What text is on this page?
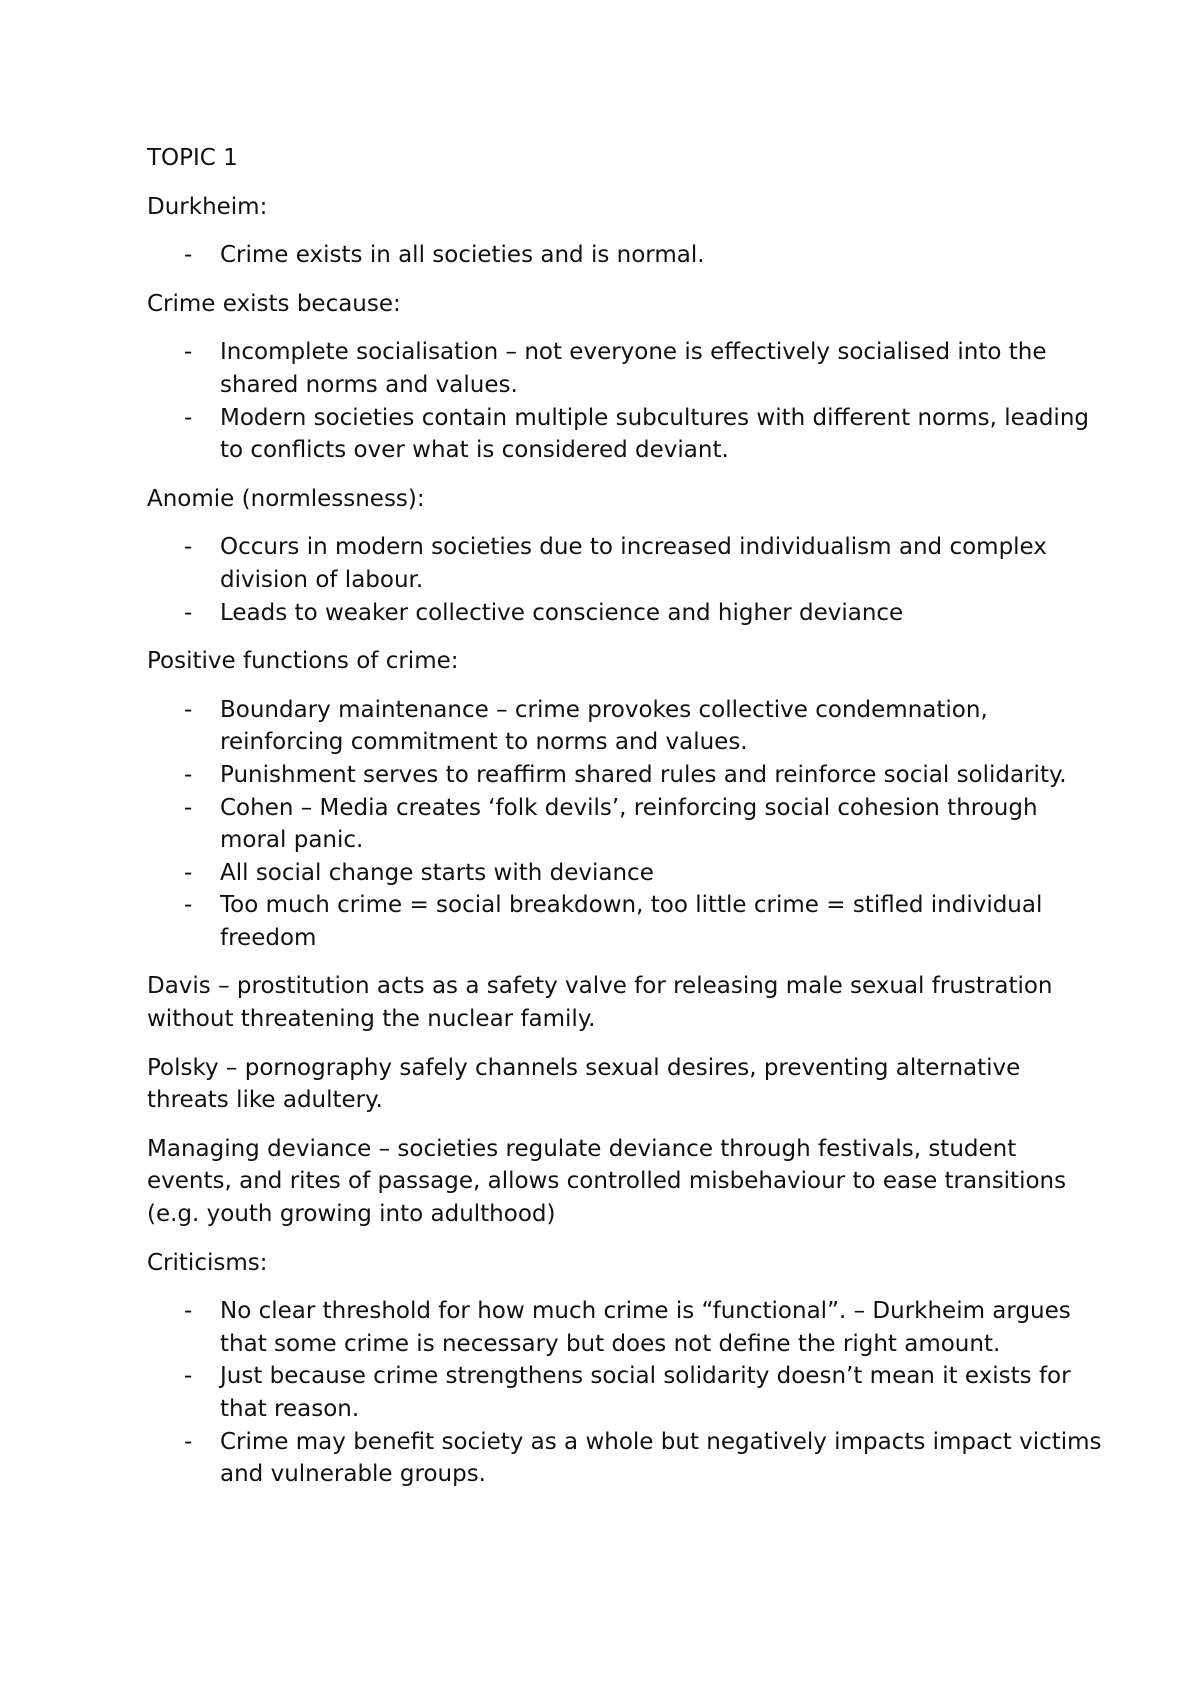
TOPIC 1

Durkheim:

- Crime exists in all societies and is normal.

Crime exists because:

- Incomplete socialisation – not everyone is effectively socialised into the shared norms and values.
- Modern societies contain multiple subcultures with different norms, leading to conflicts over what is considered deviant.

Anomie (normlessness):

- Occurs in modern societies due to increased individualism and complex division of labour.
- Leads to weaker collective conscience and higher deviance

Positive functions of crime:

- Boundary maintenance – crime provokes collective condemnation, reinforcing commitment to norms and values.
- Punishment serves to reaffirm shared rules and reinforce social solidarity.
- Cohen – Media creates ‘folk devils’, reinforcing social cohesion through moral panic.
- All social change starts with deviance
- Too much crime = social breakdown, too little crime = stifled individual freedom

Davis – prostitution acts as a safety valve for releasing male sexual frustration without threatening the nuclear family.

Polsky – pornography safely channels sexual desires, preventing alternative threats like adultery.

Managing deviance – societies regulate deviance through festivals, student events, and rites of passage, allows controlled misbehaviour to ease transitions (e.g. youth growing into adulthood)

Criticisms:

- No clear threshold for how much crime is “functional”. – Durkheim argues that some crime is necessary but does not define the right amount.
- Just because crime strengthens social solidarity doesn’t mean it exists for that reason.
- Crime may benefit society as a whole but negatively impacts impact victims and vulnerable groups.
